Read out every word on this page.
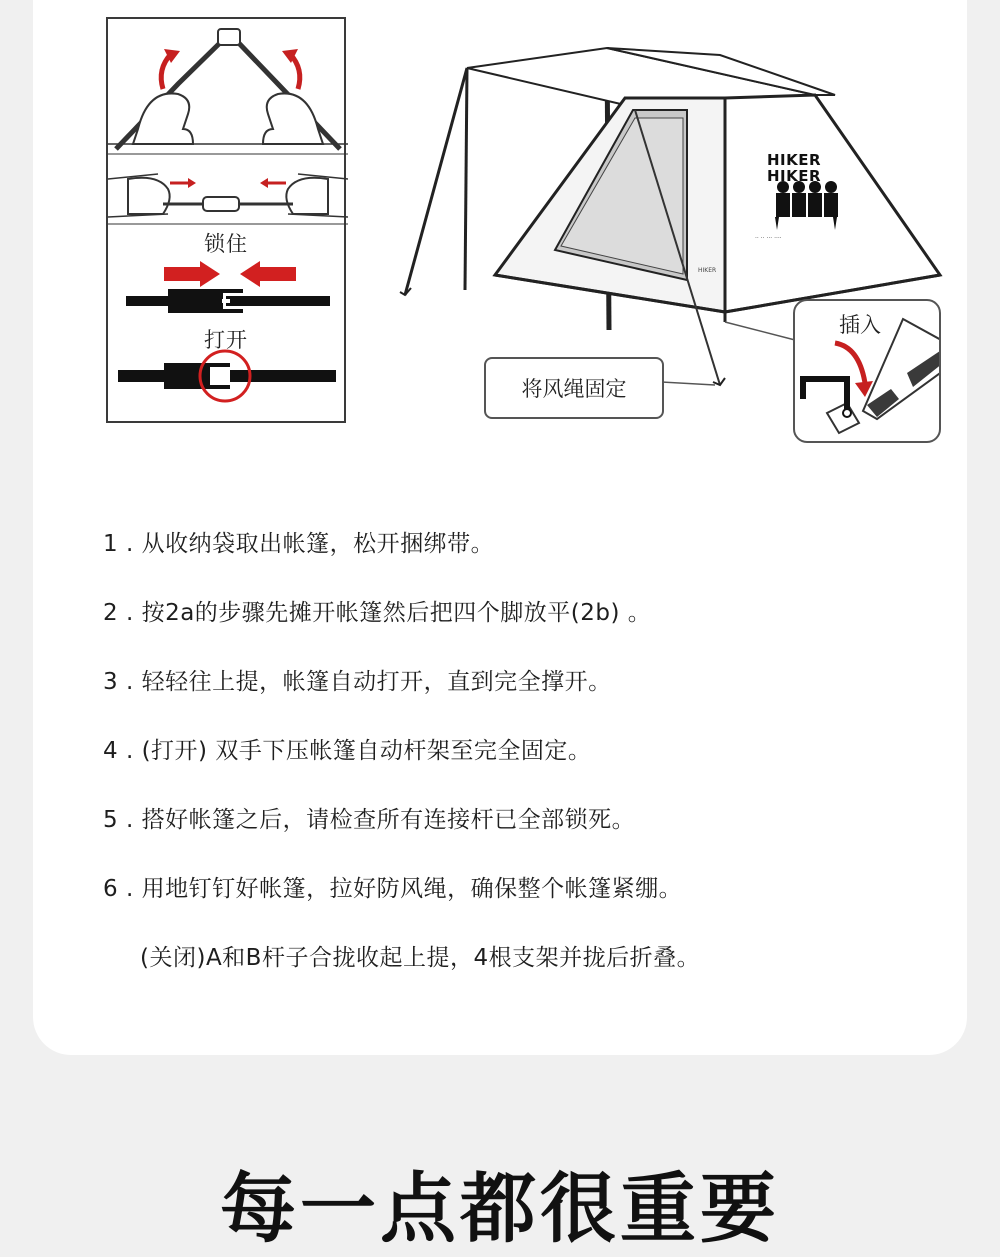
锁住
打开
·· ·· ··· ····
HIKER
HIKER
HIKER
将风绳固定
插入
1 . 从收纳袋取出帐篷，松开捆绑带。
2 . 按2a的步骤先摊开帐篷然后把四个脚放平(2b) 。
3 . 轻轻往上提，帐篷自动打开，直到完全撑开。
4 . (打开) 双手下压帐篷自动杆架至完全固定。
5 . 搭好帐篷之后，请检查所有连接杆已全部锁死。
6 . 用地钉钉好帐篷，拉好防风绳，确保整个帐篷紧绷。
(关闭)A和B杆子合拢收起上提，4根支架并拢后折叠。
每一点都很重要
